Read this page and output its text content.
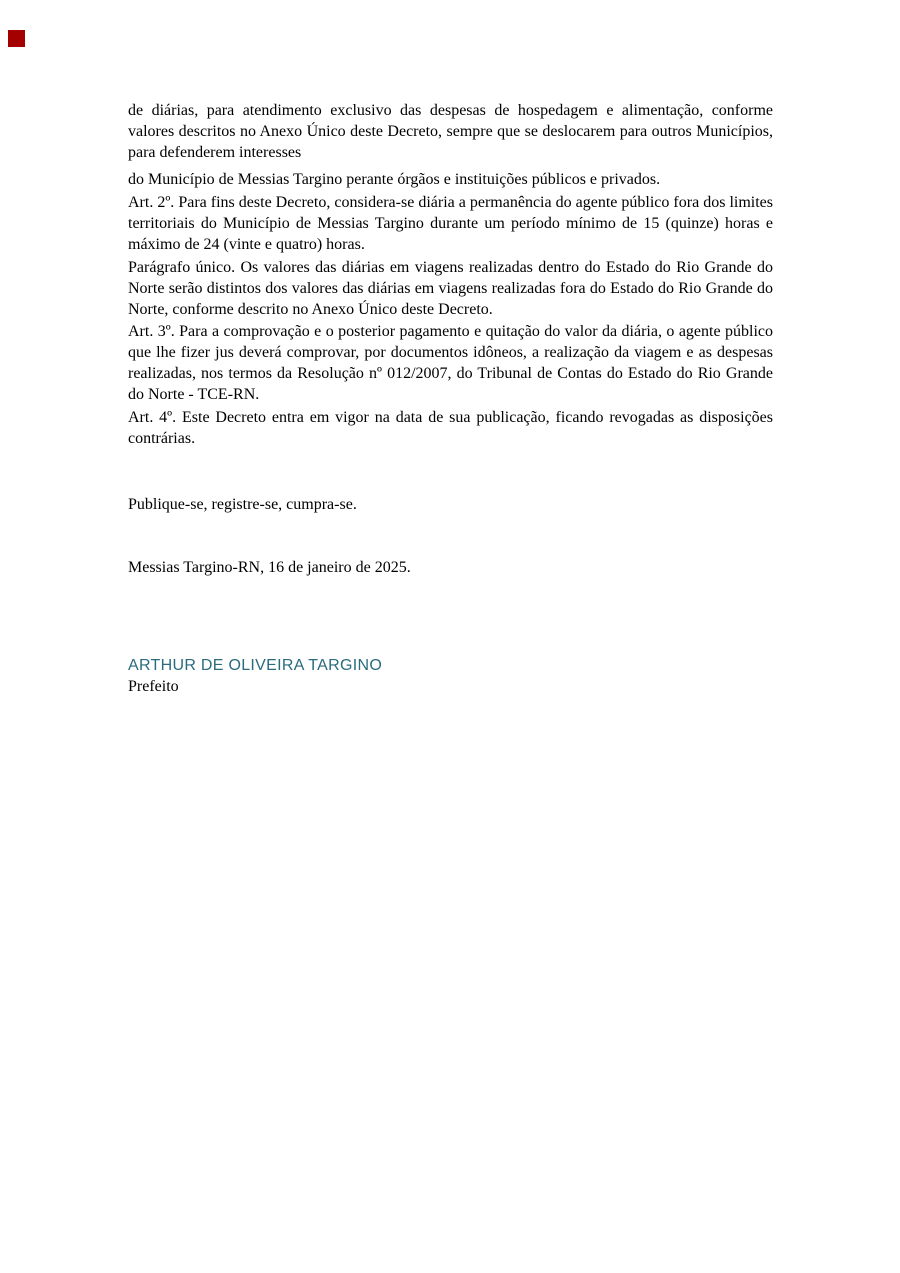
de diárias, para atendimento exclusivo das despesas de hospedagem e alimentação, conforme valores descritos no Anexo Único deste Decreto, sempre que se deslocarem para outros Municípios, para defenderem interesses

do Município de Messias Targino perante órgãos e instituições públicos e privados.

Art. 2º. Para fins deste Decreto, considera-se diária a permanência do agente público fora dos limites territoriais do Município de Messias Targino durante um período mínimo de 15 (quinze) horas e máximo de 24 (vinte e quatro) horas.

Parágrafo único. Os valores das diárias em viagens realizadas dentro do Estado do Rio Grande do Norte serão distintos dos valores das diárias em viagens realizadas fora do Estado do Rio Grande do Norte, conforme descrito no Anexo Único deste Decreto.

Art. 3º. Para a comprovação e o posterior pagamento e quitação do valor da diária, o agente público que lhe fizer jus deverá comprovar, por documentos idôneos, a realização da viagem e as despesas realizadas, nos termos da Resolução nº 012/2007, do Tribunal de Contas do Estado do Rio Grande do Norte - TCE-RN.

Art. 4º. Este Decreto entra em vigor na data de sua publicação, ficando revogadas as disposições contrárias.

Publique-se, registre-se, cumpra-se.

Messias Targino-RN, 16 de janeiro de 2025.

ARTHUR DE OLIVEIRA TARGINO

Prefeito
